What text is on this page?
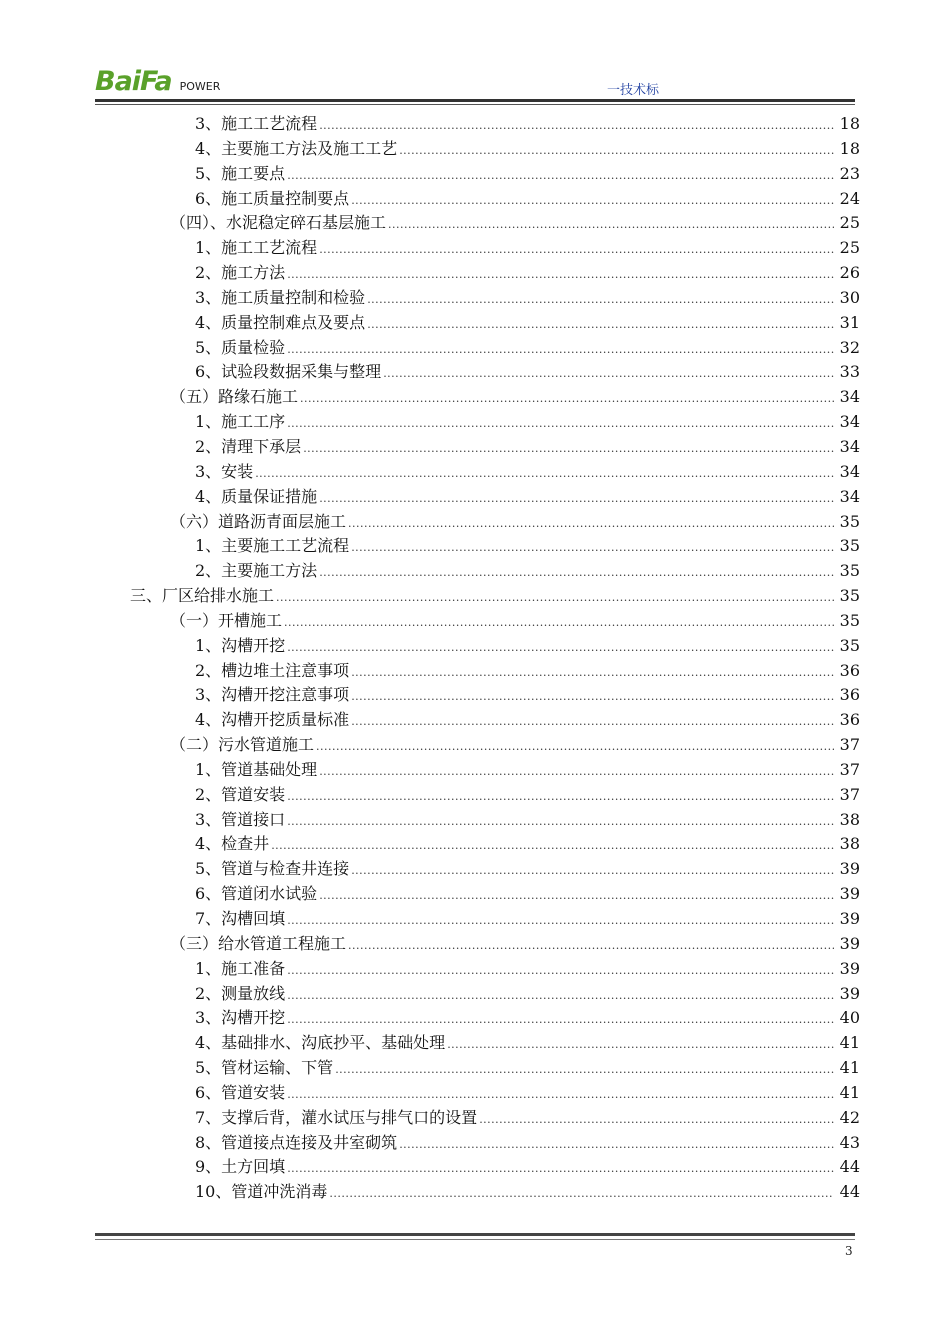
BaiFa POWER	一技术标
3、施工工艺流程 .....	18
4、主要施工方法及施工工艺 .....	18
5、施工要点 .....	23
6、施工质量控制要点 .....	24
（四）、水泥稳定碎石基层施工 .....	25
1、施工工艺流程 .....	25
2、施工方法 .....	26
3、施工质量控制和检验 .....	30
4、质量控制难点及要点 .....	31
5、质量检验 .....	32
6、试验段数据采集与整理 .....	33
（五）路缘石施工 .....	34
1、施工工序 .....	34
2、清理下承层 .....	34
3、安装 .....	34
4、质量保证措施 .....	34
（六）道路沥青面层施工 .....	35
1、主要施工工艺流程 .....	35
2、主要施工方法 .....	35
三、厂区给排水施工 .....	35
（一）开槽施工 .....	35
1、沟槽开挖 .....	35
2、槽边堆土注意事项 .....	36
3、沟槽开挖注意事项 .....	36
4、沟槽开挖质量标准 .....	36
（二）污水管道施工 .....	37
1、管道基础处理 .....	37
2、管道安装 .....	37
3、管道接口 .....	38
4、检查井 .....	38
5、管道与检查井连接 .....	39
6、管道闭水试验 .....	39
7、沟槽回填 .....	39
（三）给水管道工程施工 .....	39
1、施工准备 .....	39
2、测量放线 .....	39
3、沟槽开挖 .....	40
4、基础排水、沟底抄平、基础处理 .....	41
5、管材运输、下管 .....	41
6、管道安装 .....	41
7、支撑后背，灌水试压与排气口的设置 .....	42
8、管道接点连接及井室砌筑 .....	43
9、土方回填 .....	44
10、管道冲洗消毒 .....	44
3
